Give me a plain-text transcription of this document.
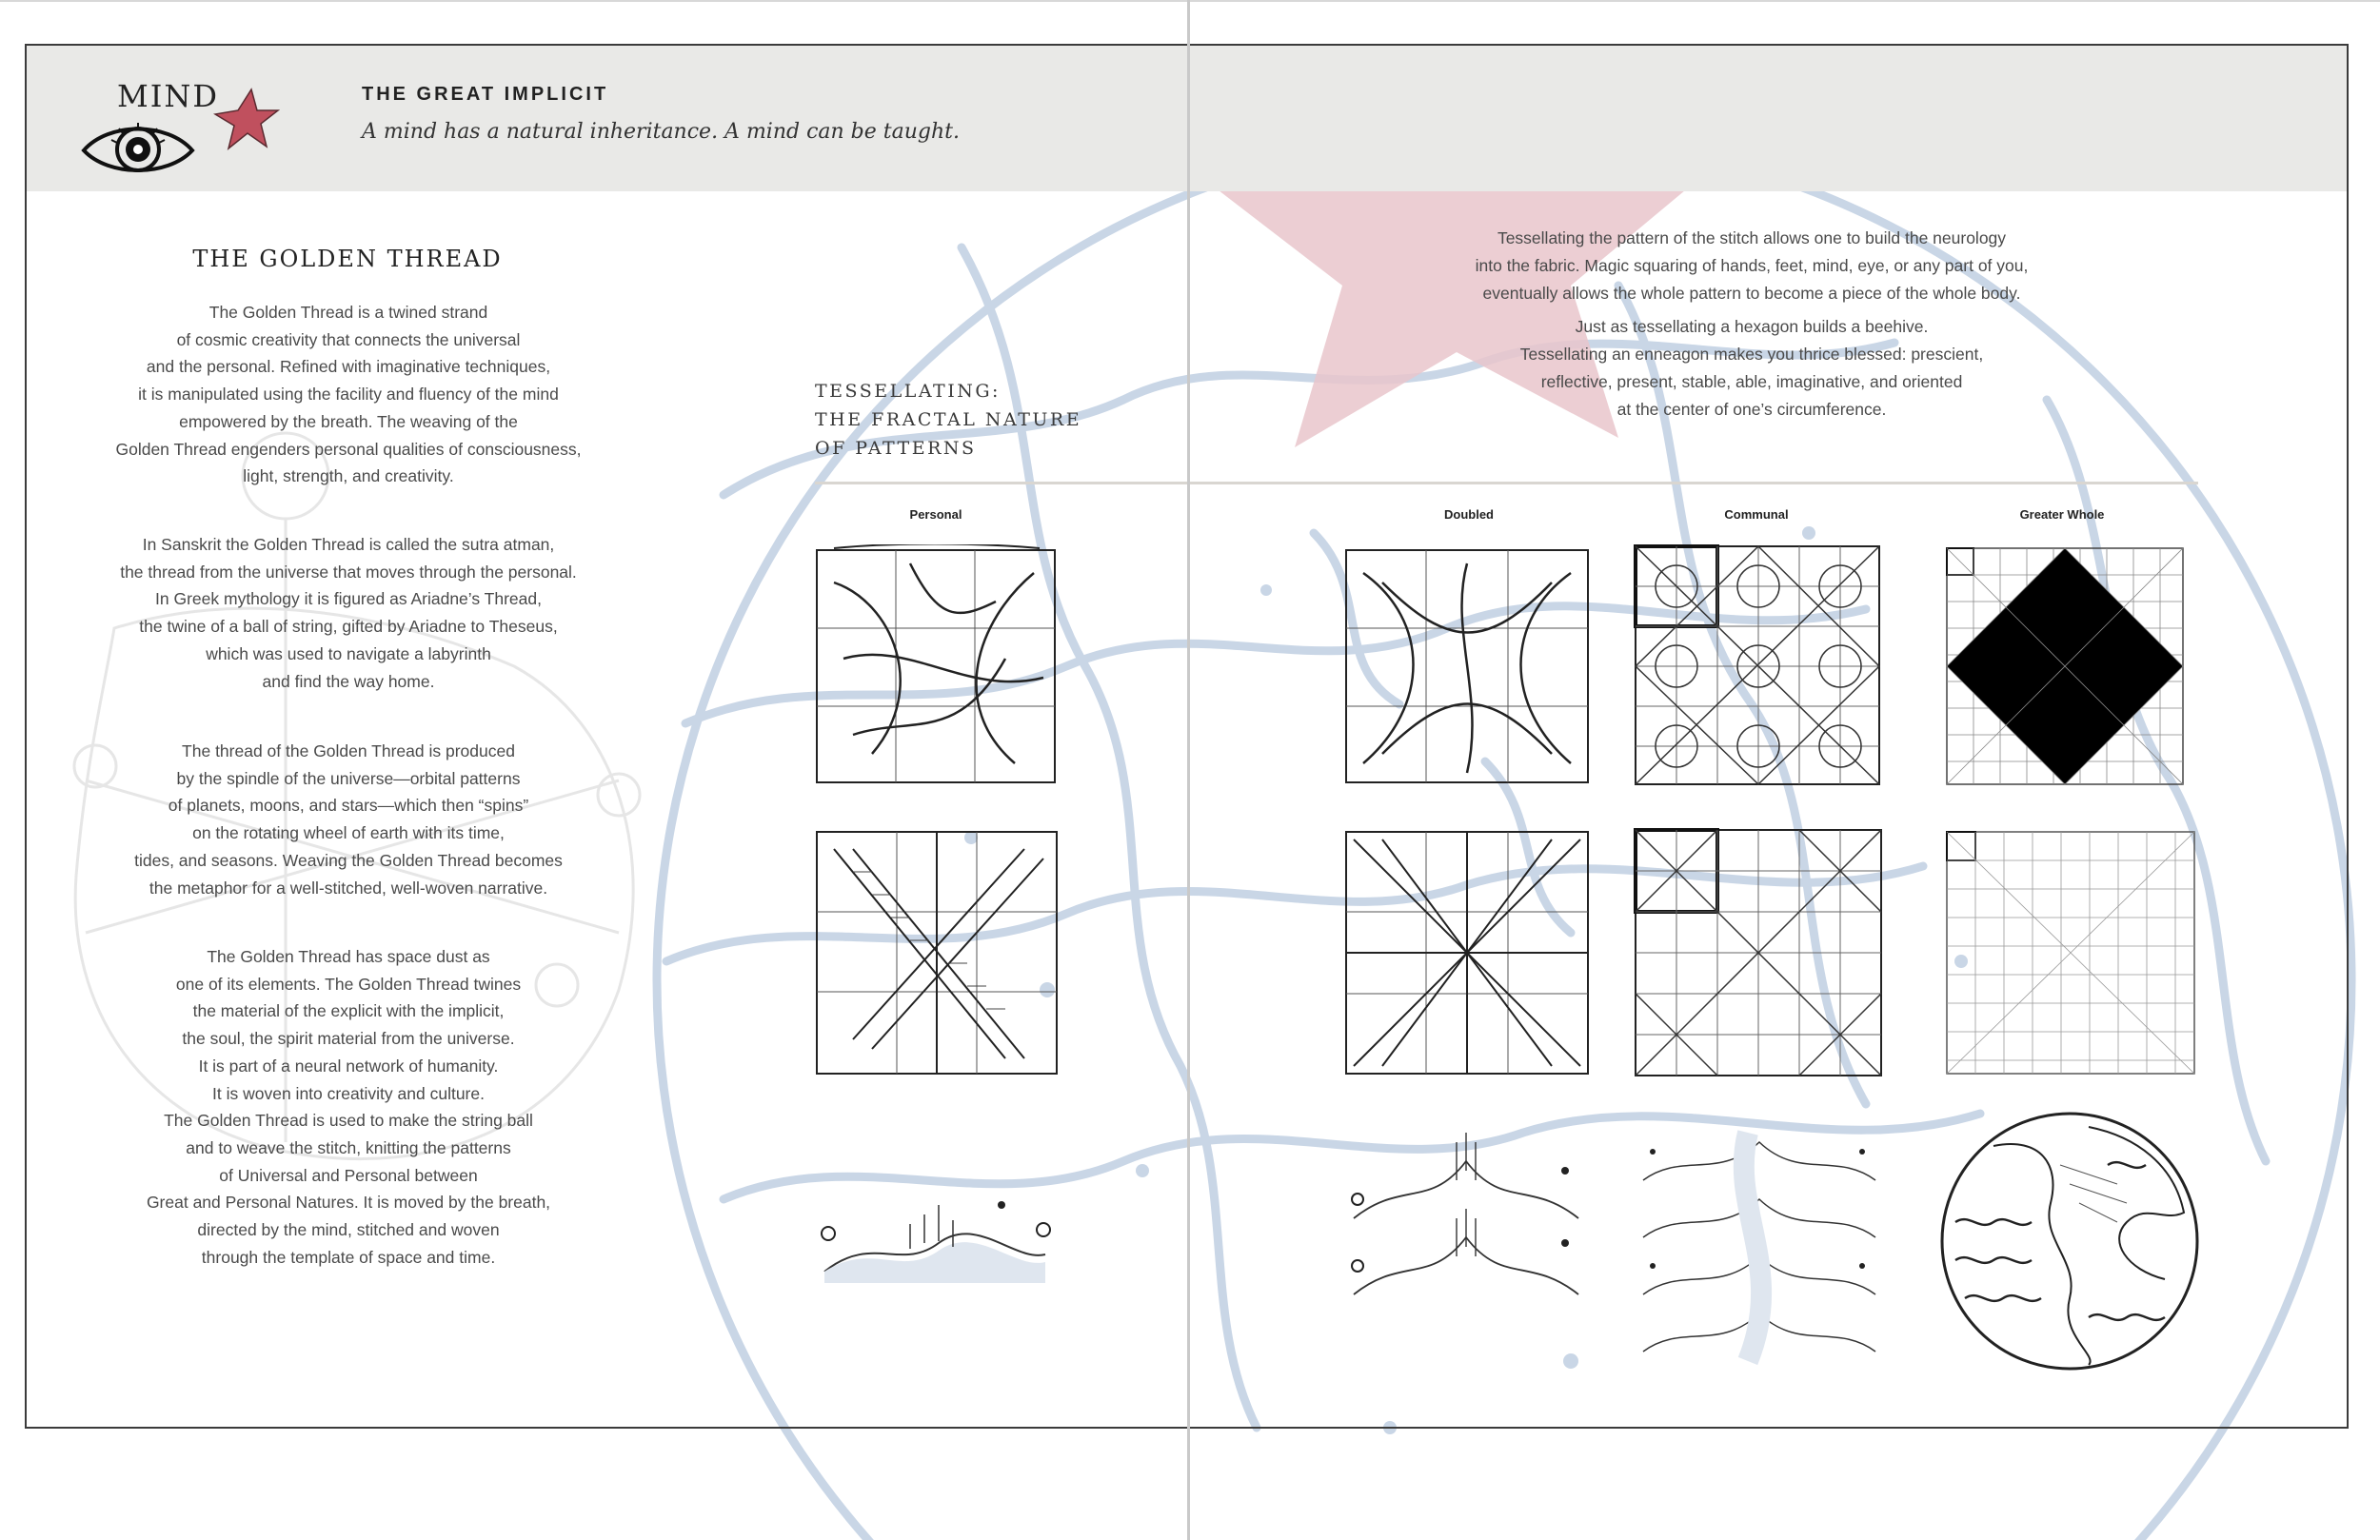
MIND	THE GREAT IMPLICIT
A mind has a natural inheritance. A mind can be taught.
THE GOLDEN THREAD
The Golden Thread is a twined strand
of cosmic creativity that connects the universal
and the personal. Refined with imaginative techniques,
it is manipulated using the facility and fluency of the mind
empowered by the breath. The weaving of the
Golden Thread engenders personal qualities of consciousness,
light, strength, and creativity.
In Sanskrit the Golden Thread is called the sutra atman,
the thread from the universe that moves through the personal.
In Greek mythology it is figured as Ariadne’s Thread,
the twine of a ball of string, gifted by Ariadne to Theseus,
which was used to navigate a labyrinth
and find the way home.
The thread of the Golden Thread is produced
by the spindle of the universe—orbital patterns
of planets, moons, and stars—which then “spins”
on the rotating wheel of earth with its time,
tides, and seasons. Weaving the Golden Thread becomes
the metaphor for a well-stitched, well-woven narrative.
The Golden Thread has space dust as
one of its elements. The Golden Thread twines
the material of the explicit with the implicit,
the soul, the spirit material from the universe.
It is part of a neural network of humanity.
It is woven into creativity and culture.
The Golden Thread is used to make the string ball
and to weave the stitch, knitting the patterns
of Universal and Personal between
Great and Personal Natures. It is moved by the breath,
directed by the mind, stitched and woven
through the template of space and time.
TESSELLATING:
THE FRACTAL NATURE
OF PATTERNS
Tessellating the pattern of the stitch allows one to build the neurology
into the fabric. Magic squaring of hands, feet, mind, eye, or any part of you,
eventually allows the whole pattern to become a piece of the whole body.
Just as tessellating a hexagon builds a beehive.
Tessellating an enneagon makes you thrice blessed: prescient,
reflective, present, stable, able, imaginative, and oriented
at the center of one’s circumference.
Personal	Doubled	Communal	Greater Whole
